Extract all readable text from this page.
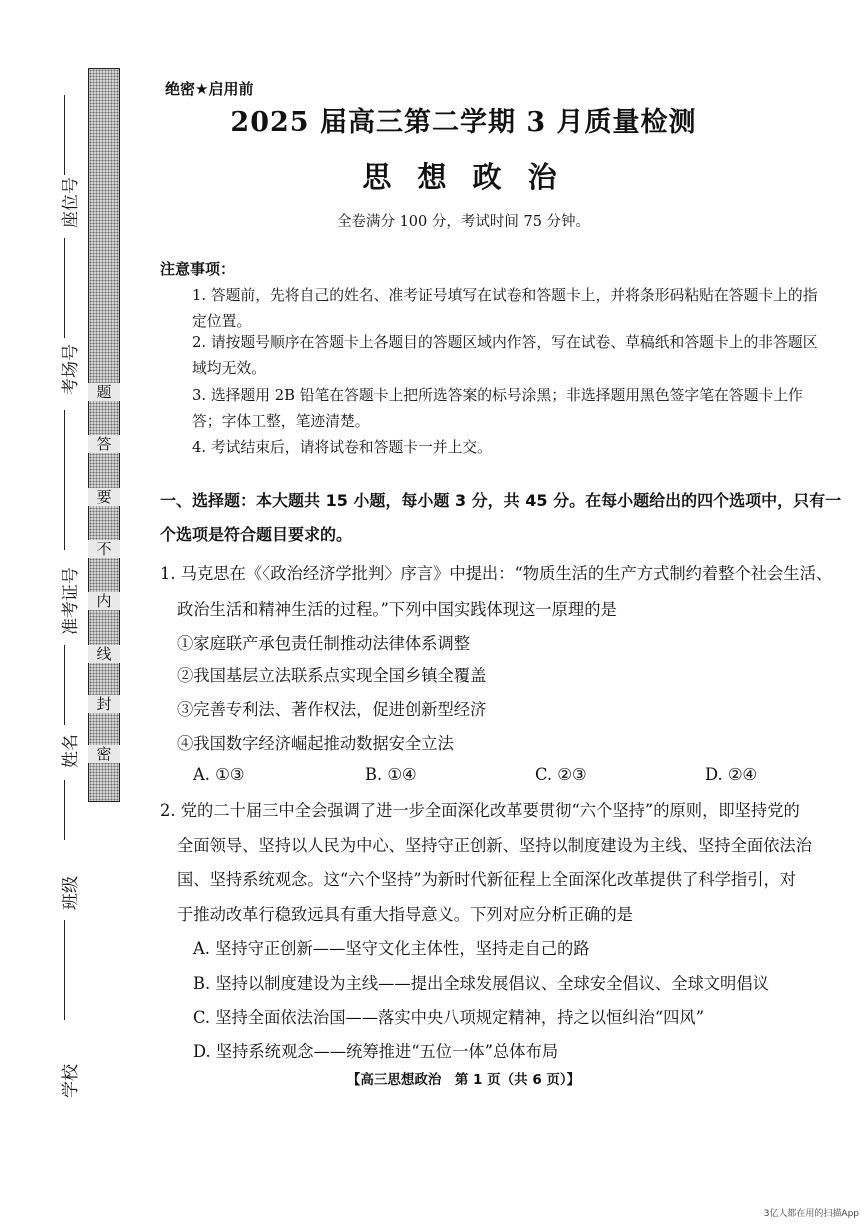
题
答
要
不
内
线
封
密
座位号
考场号
准考证号
姓名
班级
学校
绝密★启用前
2025 届高三第二学期 3 月质量检测
思 想 政 治
全卷满分 100 分，考试时间 75 分钟。
注意事项：
1. 答题前，先将自己的姓名、准考证号填写在试卷和答题卡上，并将条形码粘贴在答题卡上的指定位置。
2. 请按题号顺序在答题卡上各题目的答题区域内作答，写在试卷、草稿纸和答题卡上的非答题区域均无效。
3. 选择题用 2B 铅笔在答题卡上把所选答案的标号涂黑；非选择题用黑色签字笔在答题卡上作答；字体工整，笔迹清楚。
4. 考试结束后，请将试卷和答题卡一并上交。
一、选择题：本大题共 15 小题，每小题 3 分，共 45 分。在每小题给出的四个选项中，只有一
个选项是符合题目要求的。
1. 马克思在《〈政治经济学批判〉序言》中提出：“物质生活的生产方式制约着整个社会生活、
政治生活和精神生活的过程。”下列中国实践体现这一原理的是
①家庭联产承包责任制推动法律体系调整
②我国基层立法联系点实现全国乡镇全覆盖
③完善专利法、著作权法，促进创新型经济
④我国数字经济崛起推动数据安全立法
A. ①③	B. ①④	C. ②③	D. ②④
2. 党的二十届三中全会强调了进一步全面深化改革要贯彻“六个坚持”的原则，即坚持党的
全面领导、坚持以人民为中心、坚持守正创新、坚持以制度建设为主线、坚持全面依法治
国、坚持系统观念。这“六个坚持”为新时代新征程上全面深化改革提供了科学指引，对
于推动改革行稳致远具有重大指导意义。下列对应分析正确的是
A. 坚持守正创新——坚守文化主体性，坚持走自己的路
B. 坚持以制度建设为主线——提出全球发展倡议、全球安全倡议、全球文明倡议
C. 坚持全面依法治国——落实中央八项规定精神，持之以恒纠治“四风”
D. 坚持系统观念——统筹推进“五位一体”总体布局
【高三思想政治　第 1 页（共 6 页）】
3亿人都在用的扫描App
